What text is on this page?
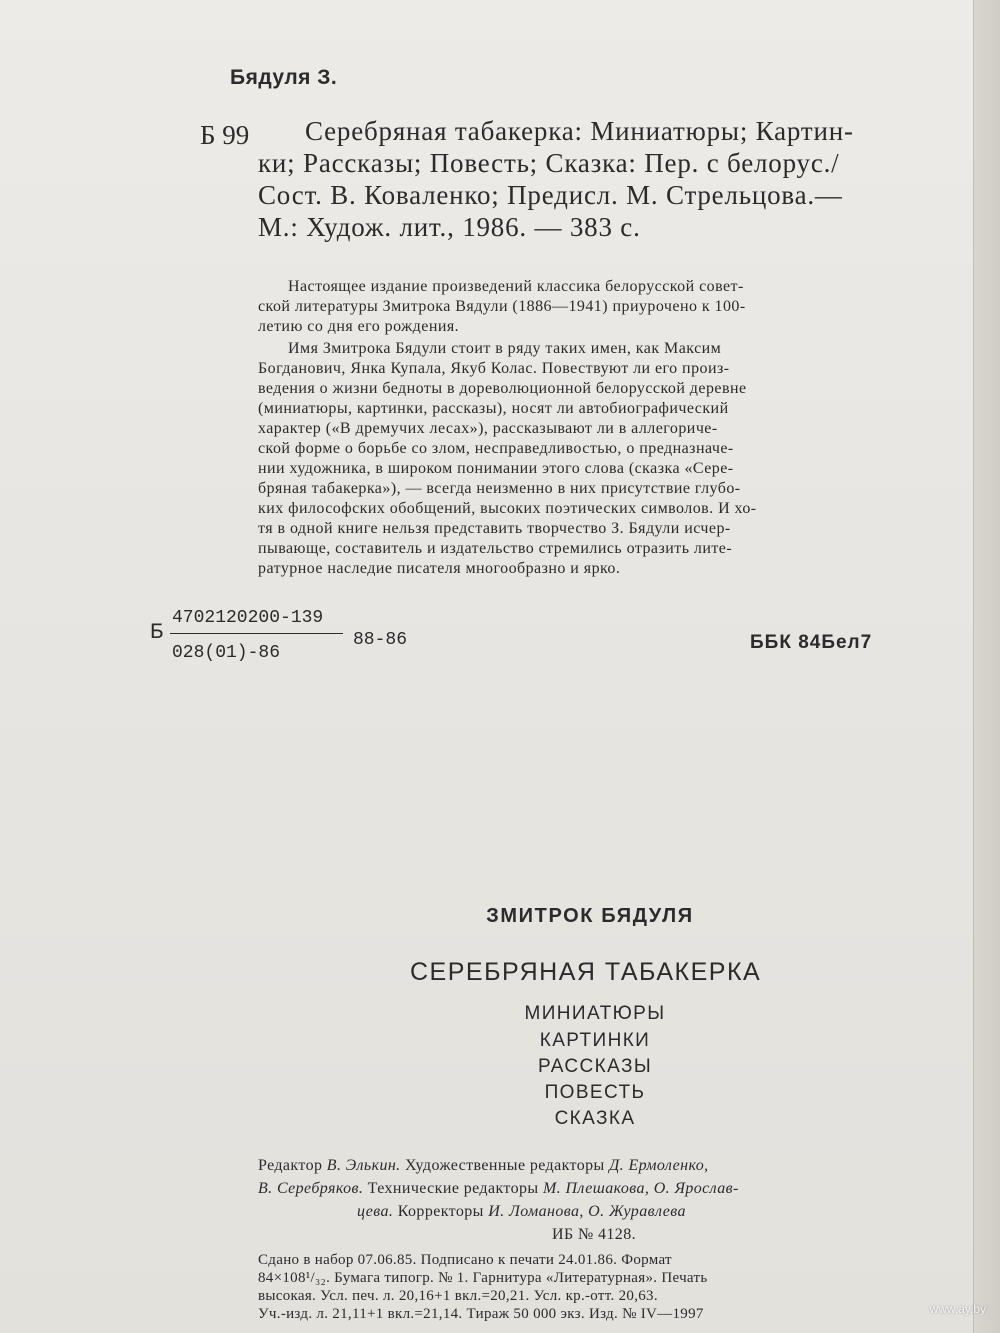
Бядуля З.
Б 99 Серебряная табакерка: Миниатюры; Картин-
ки; Рассказы; Повесть; Сказка: Пер. с белорус./
Сост. В. Коваленко; Предисл. М. Стрельцова.—
М.: Худож. лит., 1986. — 383 с.
Настоящее издание произведений классика белорусской совет-
ской литературы Змитрока Вядули (1886—1941) приурочено к 100-
летию со дня его рождения.
Имя Змитрока Бядули стоит в ряду таких имен, как Максим
Богданович, Янка Купала, Якуб Колас. Повествуют ли его произ-
ведения о жизни бедноты в дореволюционной белорусской деревне
(миниатюры, картинки, рассказы), носят ли автобиографический
характер («В дремучих лесах»), рассказывают ли в аллегориче-
ской форме о борьбе со злом, несправедливостью, о предназначе-
нии художника, в широком понимании этого слова (сказка «Сере-
бряная табакерка»), — всегда неизменно в них присутствие глубо-
ких философских обобщений, высоких поэтических символов. И хо-
тя в одной книге нельзя представить творчество З. Бядули исчер-
пывающе, составитель и издательство стремились отразить лите-
ратурное наследие писателя многообразно и ярко.
Б
4702120200-139
028(01)-86
88-86	ББК 84Бел7
ЗМИТРОК БЯДУЛЯ
СЕРЕБРЯНАЯ ТАБАКЕРКА
МИНИАТЮРЫ
КАРТИНКИ
РАССКАЗЫ
ПОВЕСТЬ
СКАЗКА
Редактор В. Элькин. Художественные редакторы Д. Ермоленко,
В. Серебряков. Технические редакторы М. Плешакова, О. Ярослав-
цева. Корректоры И. Ломанова, О. Журавлева
ИБ № 4128.
Сдано в набор 07.06.85. Подписано к печати 24.01.86. Формат
84×108¹/₃₂. Бумага типогр. № 1. Гарнитура «Литературная». Печать
высокая. Усл. печ. л. 20,16+1 вкл.=20,21. Усл. кр.-отт. 20,63.
Уч.-изд. л. 21,11+1 вкл.=21,14. Тираж 50 000 экз. Изд. № IV—1997	www.ay.by
